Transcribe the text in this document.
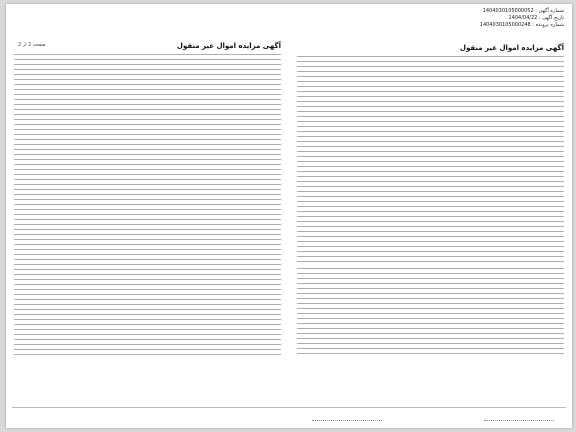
شماره آگهی : 1404030105000052
تاریخ آگهی : 1404/04/22
شماره پرونده : 1404030105000248
صفحه 2 از 2	آگهی مزایده اموال غیر منقول
آگهی مزایده اموال غیر منقول
